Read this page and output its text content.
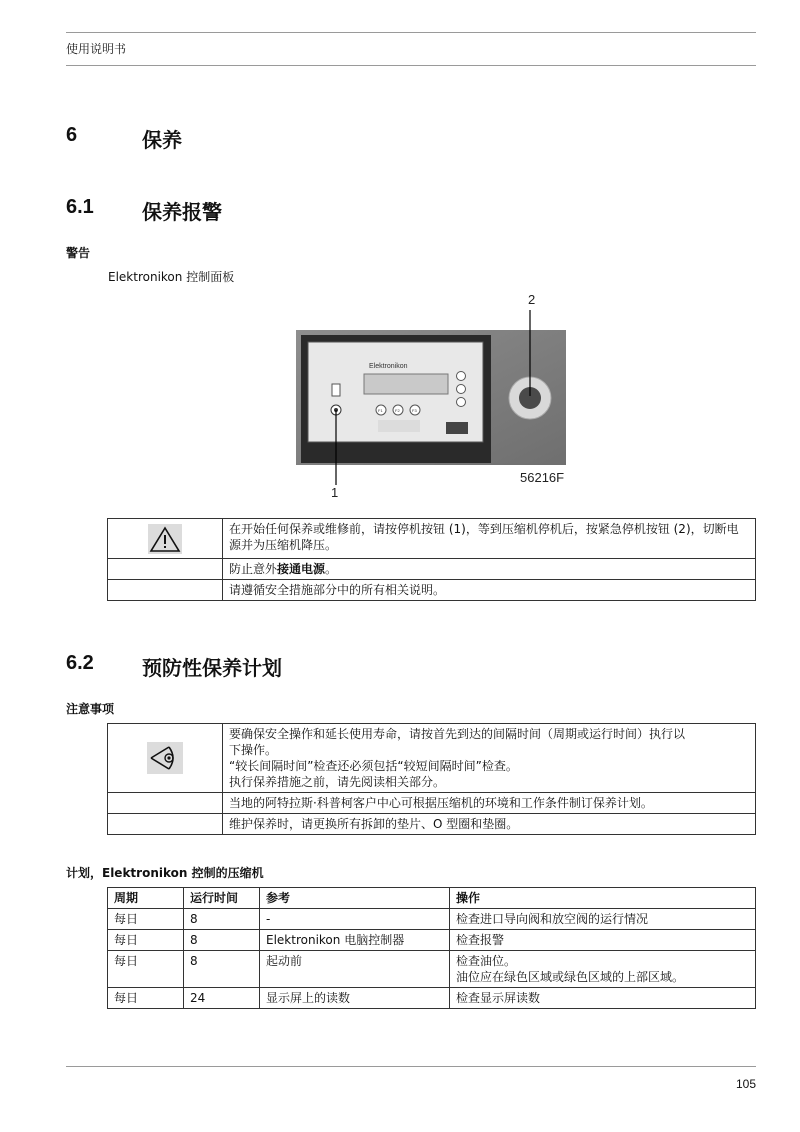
使用说明书
6	保养
6.1 保养报警
警告
Elektronikon 控制面板
2
56216F
1
Elektronikon
F1	F2	F3
	在开始任何保养或维修前，请按停机按钮 (1)，等到压缩机停机后，按紧急停机按钮 (2)，切断电源并为压缩机降压。
	防止意外接通电源。
	请遵循安全措施部分中的所有相关说明。
6.2 预防性保养计划
注意事项

要确保安全操作和延长使用寿命，请按首先到达的间隔时间（周期或运行时间）执行以
下操作。
“较长间隔时间”检查还必须包括“较短间隔时间”检查。
执行保养措施之前，请先阅读相关部分。

	当地的阿特拉斯·科普柯客户中心可根据压缩机的环境和工作条件制订保养计划。
	维护保养时，请更换所有拆卸的垫片、O 型圈和垫圈。
计划，Elektronikon 控制的压缩机
周期	运行时间	参考	操作
每日	8	-	检查进口导向阀和放空阀的运行情况
每日	8	Elektronikon 电脑控制器	检查报警
每日	8	起动前	检查油位。
油位应在绿色区域或绿色区域的上部区域。

每日	24	显示屏上的读数	检查显示屏读数
105
